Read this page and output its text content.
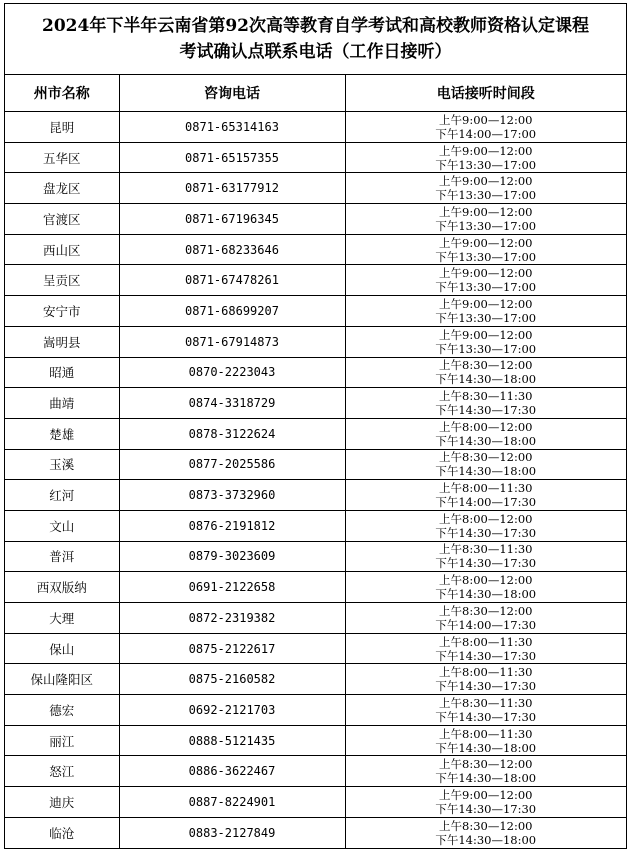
2024年下半年云南省第92次高等教育自学考试和高校教师资格认定课程
考试确认点联系电话（工作日接听）
州市名称	咨询电话	电话接听时间段
昆明	0871-65314163	上午9:00—12:00
下午14:00—17:00

五华区	0871-65157355	上午9:00—12:00
下午13:30—17:00

盘龙区	0871-63177912	上午9:00—12:00
下午13:30—17:00

官渡区	0871-67196345	上午9:00—12:00
下午13:30—17:00

西山区	0871-68233646	上午9:00—12:00
下午13:30—17:00

呈贡区	0871-67478261	上午9:00—12:00
下午13:30—17:00

安宁市	0871-68699207	上午9:00—12:00
下午13:30—17:00

嵩明县	0871-67914873	上午9:00—12:00
下午13:30—17:00

昭通	0870-2223043	上午8:30—12:00
下午14:30—18:00

曲靖	0874-3318729	上午8:30—11:30
下午14:30—17:30

楚雄	0878-3122624	上午8:00—12:00
下午14:30—18:00

玉溪	0877-2025586	上午8:30—12:00
下午14:30—18:00

红河	0873-3732960	上午8:00—11:30
下午14:00—17:30

文山	0876-2191812	上午8:00—12:00
下午14:30—17:30

普洱	0879-3023609	上午8:30—11:30
下午14:30—17:30

西双版纳	0691-2122658	上午8:00—12:00
下午14:30—18:00

大理	0872-2319382	上午8:30—12:00
下午14:00—17:30

保山	0875-2122617	上午8:00—11:30
下午14:30—17:30

保山隆阳区	0875-2160582	上午8:00—11:30
下午14:30—17:30

德宏	0692-2121703	上午8:30—11:30
下午14:30—17:30

丽江	0888-5121435	上午8:00—11:30
下午14:30—18:00

怒江	0886-3622467	上午8:30—12:00
下午14:30—18:00

迪庆	0887-8224901	上午9:00—12:00
下午14:30—17:30

临沧	0883-2127849	上午8:30—12:00
下午14:30—18:00
